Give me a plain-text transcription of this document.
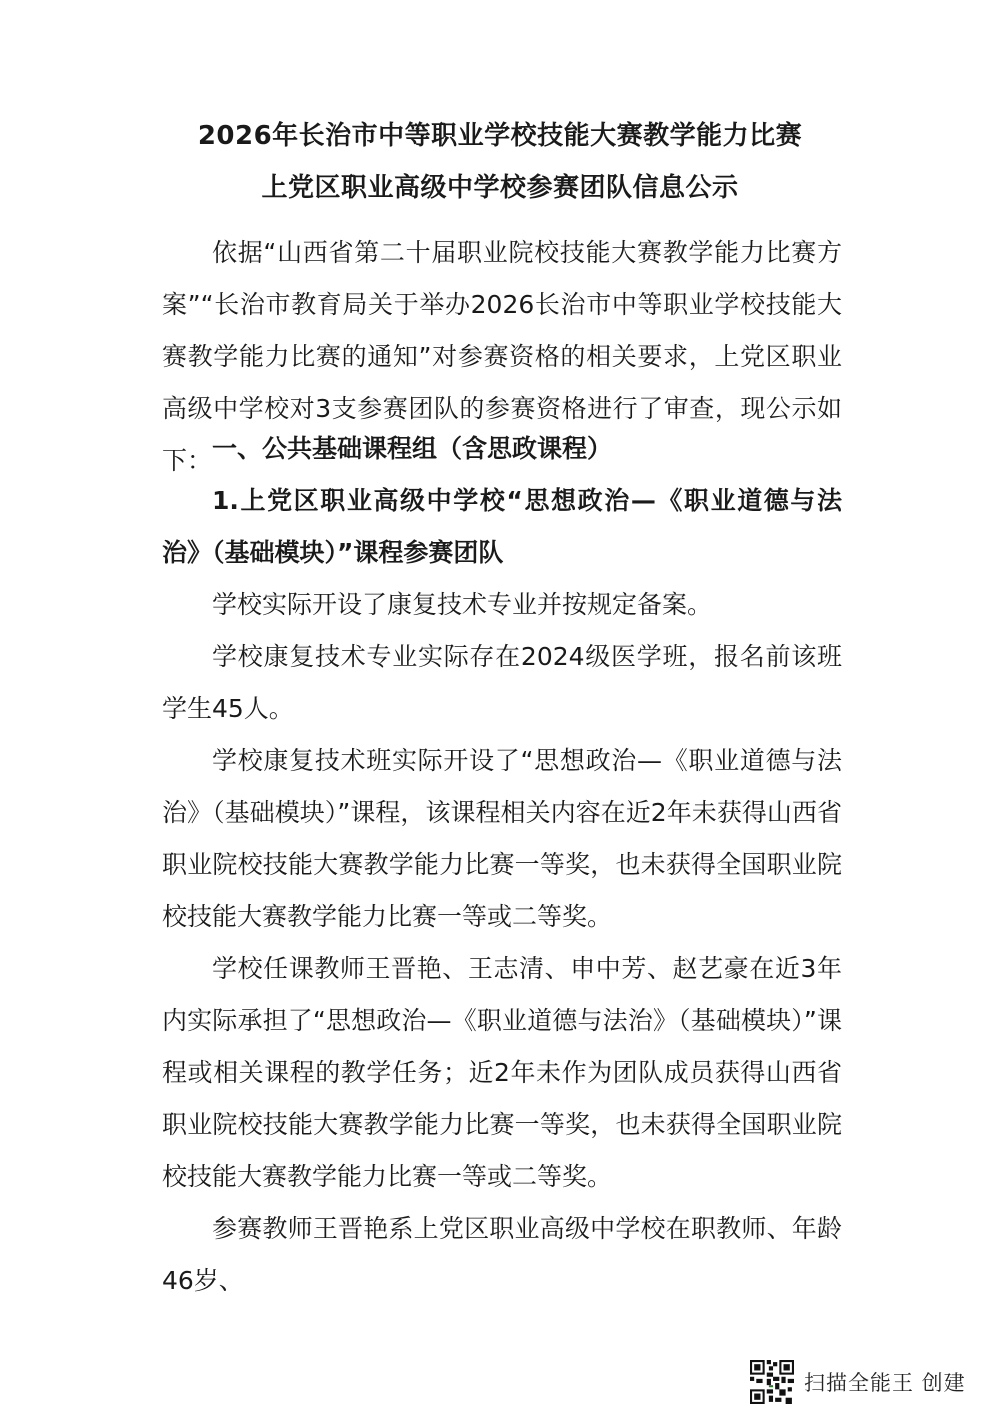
2026年长治市中等职业学校技能大赛教学能力比赛
上党区职业高级中学校参赛团队信息公示

依据“山西省第二十届职业院校技能大赛教学能力比赛方案”“长治市教育局关于举办2026长治市中等职业学校技能大赛教学能力比赛的通知”对参赛资格的相关要求，上党区职业高级中学校对3支参赛团队的参赛资格进行了审查，现公示如下： 一、公共基础课程组（含思政课程）

1.上党区职业高级中学校“思想政治—《职业道德与法治》（基础模块）”课程参赛团队

学校实际开设了康复技术专业并按规定备案。

学校康复技术专业实际存在2024级医学班，报名前该班学生45人。

学校康复技术班实际开设了“思想政治—《职业道德与法治》（基础模块）”课程，该课程相关内容在近2年未获得山西省职业院校技能大赛教学能力比赛一等奖，也未获得全国职业院校技能大赛教学能力比赛一等或二等奖。

学校任课教师王晋艳、王志清、申中芳、赵艺豪在近3年内实际承担了“思想政治—《职业道德与法治》（基础模块）”课程或相关课程的教学任务；近2年未作为团队成员获得山西省职业院校技能大赛教学能力比赛一等奖，也未获得全国职业院校技能大赛教学能力比赛一等或二等奖。

参赛教师王晋艳系上党区职业高级中学校在职教师、年龄46岁、

扫描全能王 创建
